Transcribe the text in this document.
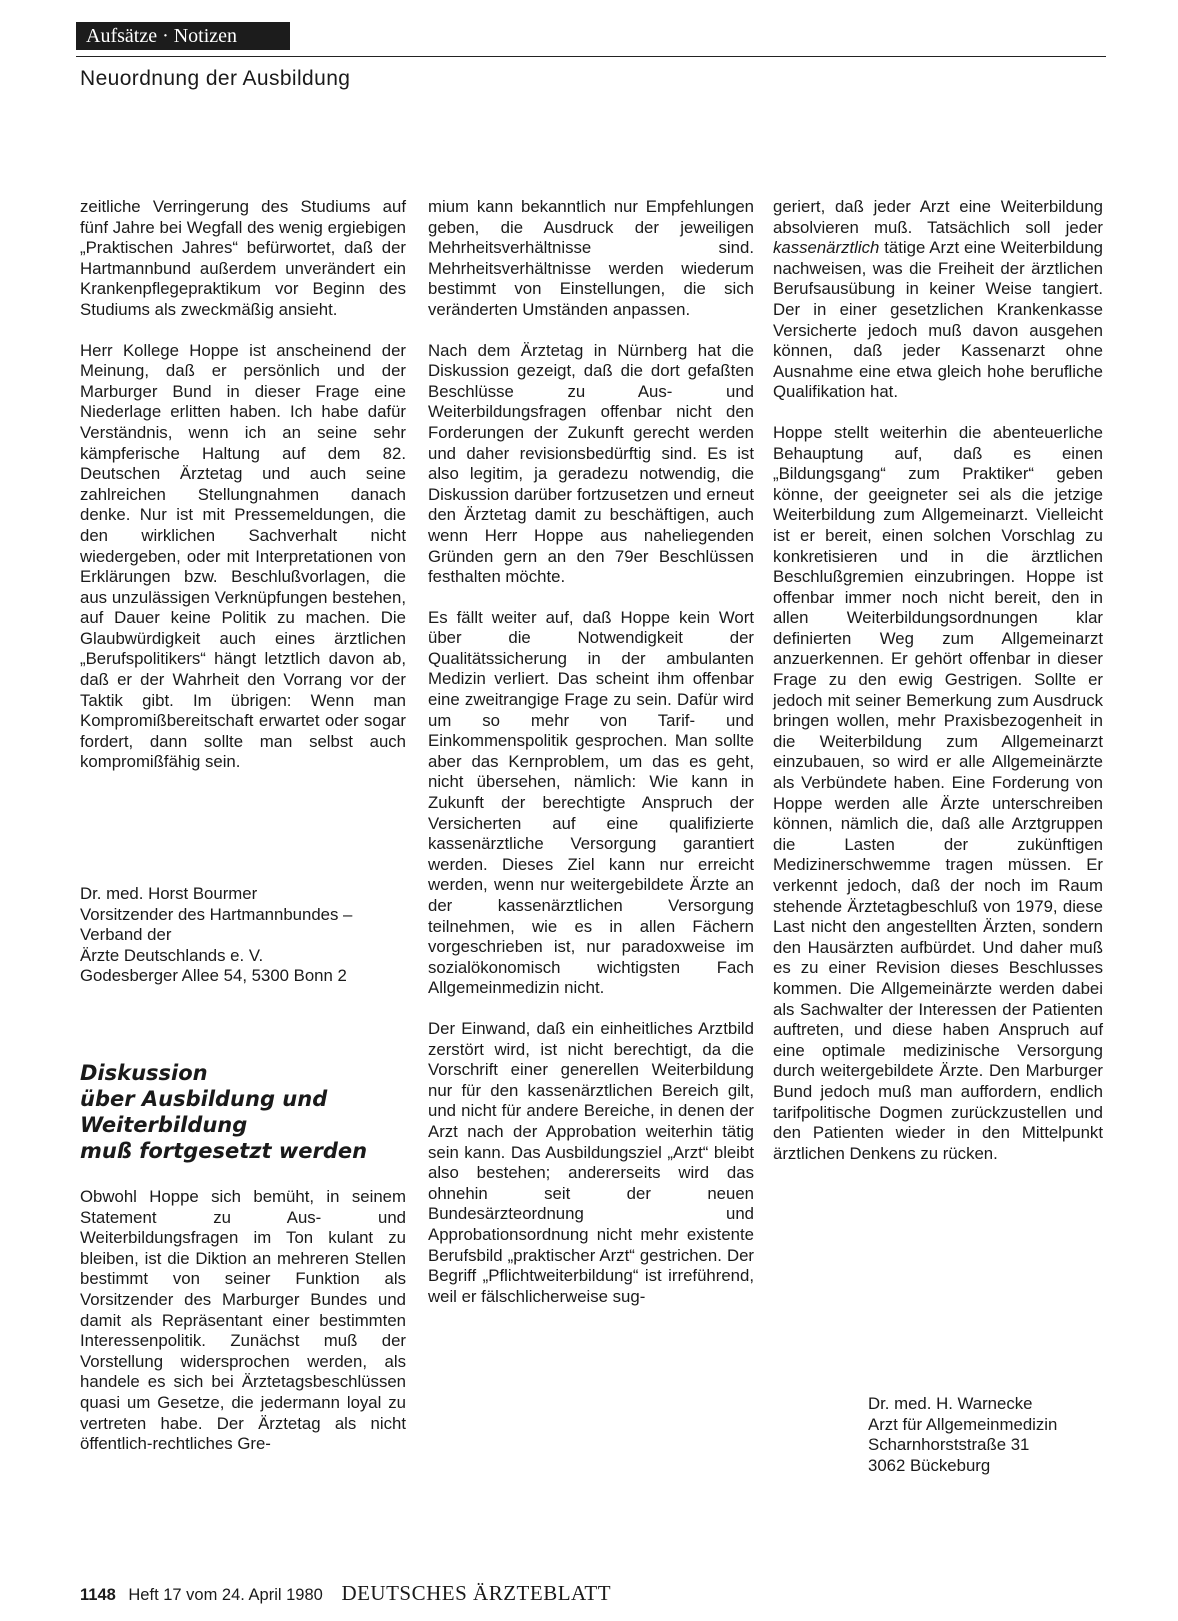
Aufsätze · Notizen
Neuordnung der Ausbildung

zeitliche Verringerung des Studiums auf fünf Jahre bei Wegfall des wenig ergiebigen „Praktischen Jahres“ befürwortet, daß der Hartmannbund außerdem unverändert ein Krankenpflegepraktikum vor Beginn des Studiums als zweckmäßig ansieht.

Herr Kollege Hoppe ist anscheinend der Meinung, daß er persönlich und der Marburger Bund in dieser Frage eine Niederlage erlitten haben. Ich habe dafür Verständnis, wenn ich an seine sehr kämpferische Haltung auf dem 82. Deutschen Ärztetag und auch seine zahlreichen Stellungnahmen danach denke. Nur ist mit Pressemeldungen, die den wirklichen Sachverhalt nicht wiedergeben, oder mit Interpretationen von Erklärungen bzw. Beschlußvorlagen, die aus unzulässigen Verknüpfungen bestehen, auf Dauer keine Politik zu machen. Die Glaubwürdigkeit auch eines ärztlichen „Berufspolitikers“ hängt letztlich davon ab, daß er der Wahrheit den Vorrang vor der Taktik gibt. Im übrigen: Wenn man Kompromißbereitschaft erwartet oder sogar fordert, dann sollte man selbst auch kompromißfähig sein.

Dr. med. Horst Bourmer
Vorsitzender des Hartmannbundes –
Verband der
Ärzte Deutschlands e. V.
Godesberger Allee 54, 5300 Bonn 2
Diskussion
über Ausbildung und
Weiterbildung
muß fortgesetzt werden

Obwohl Hoppe sich bemüht, in seinem Statement zu Aus- und Weiterbildungsfragen im Ton kulant zu bleiben, ist die Diktion an mehreren Stellen bestimmt von seiner Funktion als Vorsitzender des Marburger Bundes und damit als Repräsentant einer bestimmten Interessenpolitik. Zunächst muß der Vorstellung widersprochen werden, als handele es sich bei Ärztetagsbeschlüssen quasi um Gesetze, die jedermann loyal zu vertreten habe. Der Ärztetag als nicht öffentlich-rechtliches Gre-

mium kann bekanntlich nur Empfehlungen geben, die Ausdruck der jeweiligen Mehrheitsverhältnisse sind. Mehrheitsverhältnisse werden wiederum bestimmt von Einstellungen, die sich veränderten Umständen anpassen.

Nach dem Ärztetag in Nürnberg hat die Diskussion gezeigt, daß die dort gefaßten Beschlüsse zu Aus- und Weiterbildungsfragen offenbar nicht den Forderungen der Zukunft gerecht werden und daher revisionsbedürftig sind. Es ist also legitim, ja geradezu notwendig, die Diskussion darüber fortzusetzen und erneut den Ärztetag damit zu beschäftigen, auch wenn Herr Hoppe aus naheliegenden Gründen gern an den 79er Beschlüssen festhalten möchte.

Es fällt weiter auf, daß Hoppe kein Wort über die Notwendigkeit der Qualitätssicherung in der ambulanten Medizin verliert. Das scheint ihm offenbar eine zweitrangige Frage zu sein. Dafür wird um so mehr von Tarif- und Einkommenspolitik gesprochen. Man sollte aber das Kernproblem, um das es geht, nicht übersehen, nämlich: Wie kann in Zukunft der berechtigte Anspruch der Versicherten auf eine qualifizierte kassenärztliche Versorgung garantiert werden. Dieses Ziel kann nur erreicht werden, wenn nur weitergebildete Ärzte an der kassenärztlichen Versorgung teilnehmen, wie es in allen Fächern vorgeschrieben ist, nur paradoxweise im sozialökonomisch wichtigsten Fach Allgemeinmedizin nicht.

Der Einwand, daß ein einheitliches Arztbild zerstört wird, ist nicht berechtigt, da die Vorschrift einer generellen Weiterbildung nur für den kassenärztlichen Bereich gilt, und nicht für andere Bereiche, in denen der Arzt nach der Approbation weiterhin tätig sein kann. Das Ausbildungsziel „Arzt“ bleibt also bestehen; andererseits wird das ohnehin seit der neuen Bundesärzteordnung und Approbationsordnung nicht mehr existente Berufsbild „praktischer Arzt“ gestrichen. Der Begriff „Pflichtweiterbildung“ ist irreführend, weil er fälschlicherweise sug-

geriert, daß jeder Arzt eine Weiterbildung absolvieren muß. Tatsächlich soll jeder kassenärztlich tätige Arzt eine Weiterbildung nachweisen, was die Freiheit der ärztlichen Berufsausübung in keiner Weise tangiert. Der in einer gesetzlichen Krankenkasse Versicherte jedoch muß davon ausgehen können, daß jeder Kassenarzt ohne Ausnahme eine etwa gleich hohe berufliche Qualifikation hat.

Hoppe stellt weiterhin die abenteuerliche Behauptung auf, daß es einen „Bildungsgang“ zum Praktiker“ geben könne, der geeigneter sei als die jetzige Weiterbildung zum Allgemeinarzt. Vielleicht ist er bereit, einen solchen Vorschlag zu konkretisieren und in die ärztlichen Beschlußgremien einzubringen. Hoppe ist offenbar immer noch nicht bereit, den in allen Weiterbildungsordnungen klar definierten Weg zum Allgemeinarzt anzuerkennen. Er gehört offenbar in dieser Frage zu den ewig Gestrigen. Sollte er jedoch mit seiner Bemerkung zum Ausdruck bringen wollen, mehr Praxisbezogenheit in die Weiterbildung zum Allgemeinarzt einzubauen, so wird er alle Allgemeinärzte als Verbündete haben. Eine Forderung von Hoppe werden alle Ärzte unterschreiben können, nämlich die, daß alle Arztgruppen die Lasten der zukünftigen Medizinerschwemme tragen müssen. Er verkennt jedoch, daß der noch im Raum stehende Ärztetagbeschluß von 1979, diese Last nicht den angestellten Ärzten, sondern den Hausärzten aufbürdet. Und daher muß es zu einer Revision dieses Beschlusses kommen. Die Allgemeinärzte werden dabei als Sachwalter der Interessen der Patienten auftreten, und diese haben Anspruch auf eine optimale medizinische Versorgung durch weitergebildete Ärzte. Den Marburger Bund jedoch muß man auffordern, endlich tarifpolitische Dogmen zurückzustellen und den Patienten wieder in den Mittelpunkt ärztlichen Denkens zu rücken.

Dr. med. H. Warnecke
Arzt für Allgemeinmedizin
Scharnhorststraße 31
3062 Bückeburg
1148 Heft 17 vom 24. April 1980 DEUTSCHES ÄRZTEBLATT
